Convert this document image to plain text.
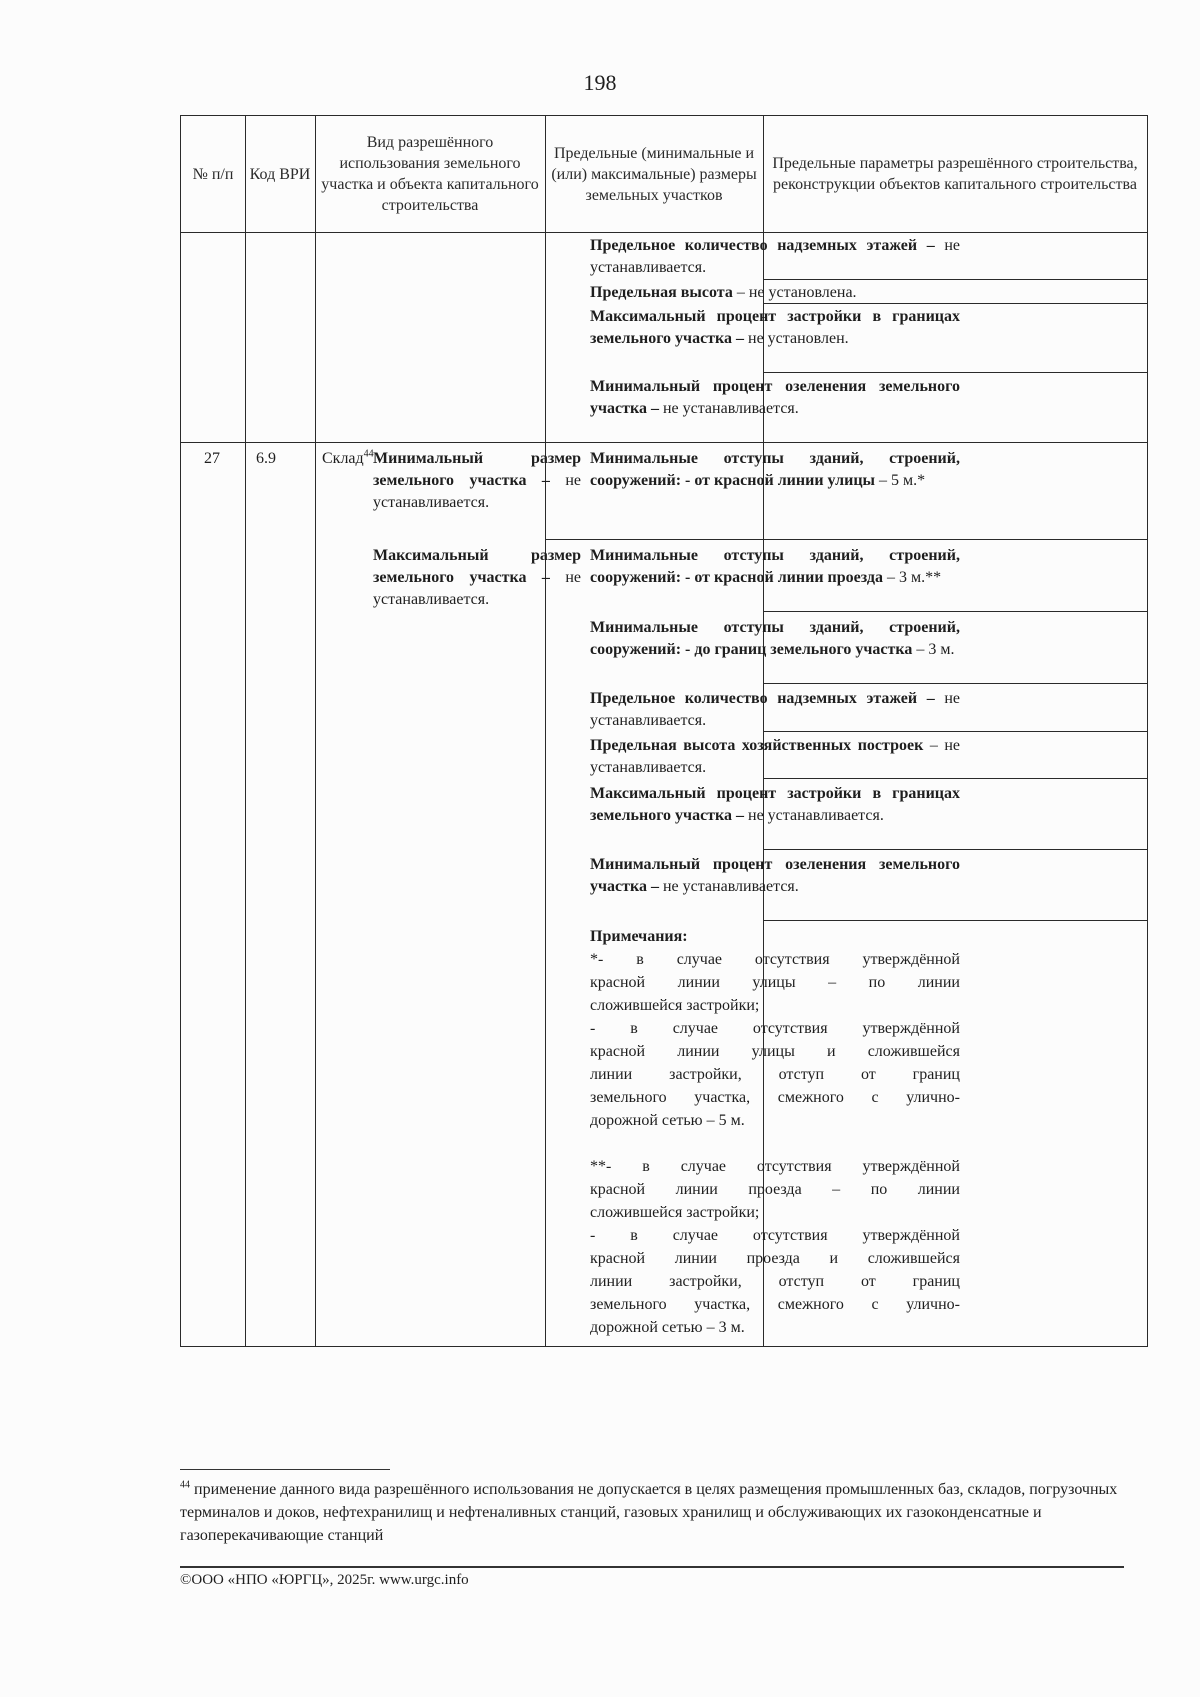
198
№ п/п	Код ВРИ
Вид разрешённого использования земельного участка и объекта капитального строительства
Предельные (минимальные и (или) максимальные) размеры земельных участков
Предельные параметры разрешённого строительства, реконструкции объектов капитального строительства
Предельное количество надземных этажей – не устанавливается.
Предельная высота – не установлена.
Максимальный процент застройки в границах земельного участка – не установлен.
Минимальный процент озеленения земельного участка – не устанавливается.
27 6.9	Склад$^{44}$ Минимальный размер земельного участка – не устанавливается.
Максимальный размер земельного участка – не устанавливается.
Минимальные отступы зданий, строений, сооружений: - от красной линии улицы – 5 м.*
Минимальные отступы зданий, строений, сооружений: - от красной линии проезда – 3 м.**
Минимальные отступы зданий, строений, сооружений: - до границ земельного участка – 3 м.
Предельное количество надземных этажей – не устанавливается.
Предельная высота хозяйственных построек – не устанавливается.
Максимальный процент застройки в границах земельного участка – не устанавливается.
Минимальный процент озеленения земельного участка – не устанавливается.
Примечания:
*- в случае отсутствия утверждённой
красной линии улицы – по линии
сложившейся застройки;
- в случае отсутствия утверждённой
красной линии улицы и сложившейся
линии застройки, отступ от границ
земельного участка, смежного с улично-
дорожной сетью – 5 м.
**- в случае отсутствия утверждённой
красной линии проезда – по линии
сложившейся застройки;
- в случае отсутствия утверждённой
красной линии проезда и сложившейся
линии застройки, отступ от границ
земельного участка, смежного с улично-
дорожной сетью – 3 м.
$^{44}$ применение данного вида разрешённого использования не допускается в целях размещения промышленных баз, складов, погрузочных терминалов и доков, нефтехранилищ и нефтеналивных станций, газовых хранилищ и обслуживающих их газоконденсатные и газоперекачивающие станций
©ООО «НПО «ЮРГЦ», 2025г. www.urgc.info
